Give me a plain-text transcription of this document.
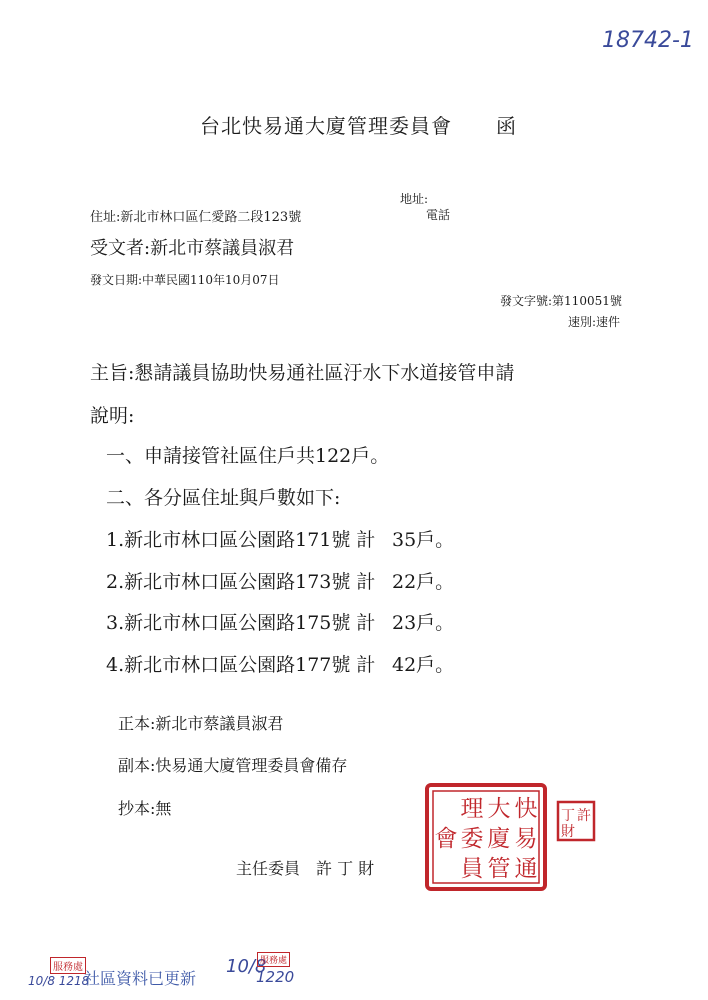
18742-1
台北快易通大廈管理委員會 函
地址:
住址:新北市林口區仁愛路二段123號	電話
受文者:新北市蔡議員淑君
發文日期:中華民國110年10月07日
發文字號:第110051號
速別:速件
主旨:懇請議員協助快易通社區汙水下水道接管申請
說明:
一、申請接管社區住戶共122戶。
二、各分區住址與戶數如下:
1.新北市林口區公園路171號 計 35戶。
2.新北市林口區公園路173號 計 22戶。
3.新北市林口區公園路175號 計 23戶。
4.新北市林口區公園路177號 計 42戶。
正本:新北市蔡議員淑君
副本:快易通大廈管理委員會備存
抄本:無
主任委員　許 丁 財
快
易
通
大
廈
管
理
委
員
會
許
丁
財
服務處
10/8 1218
社區資料已更新
10/8
服務處
1220
